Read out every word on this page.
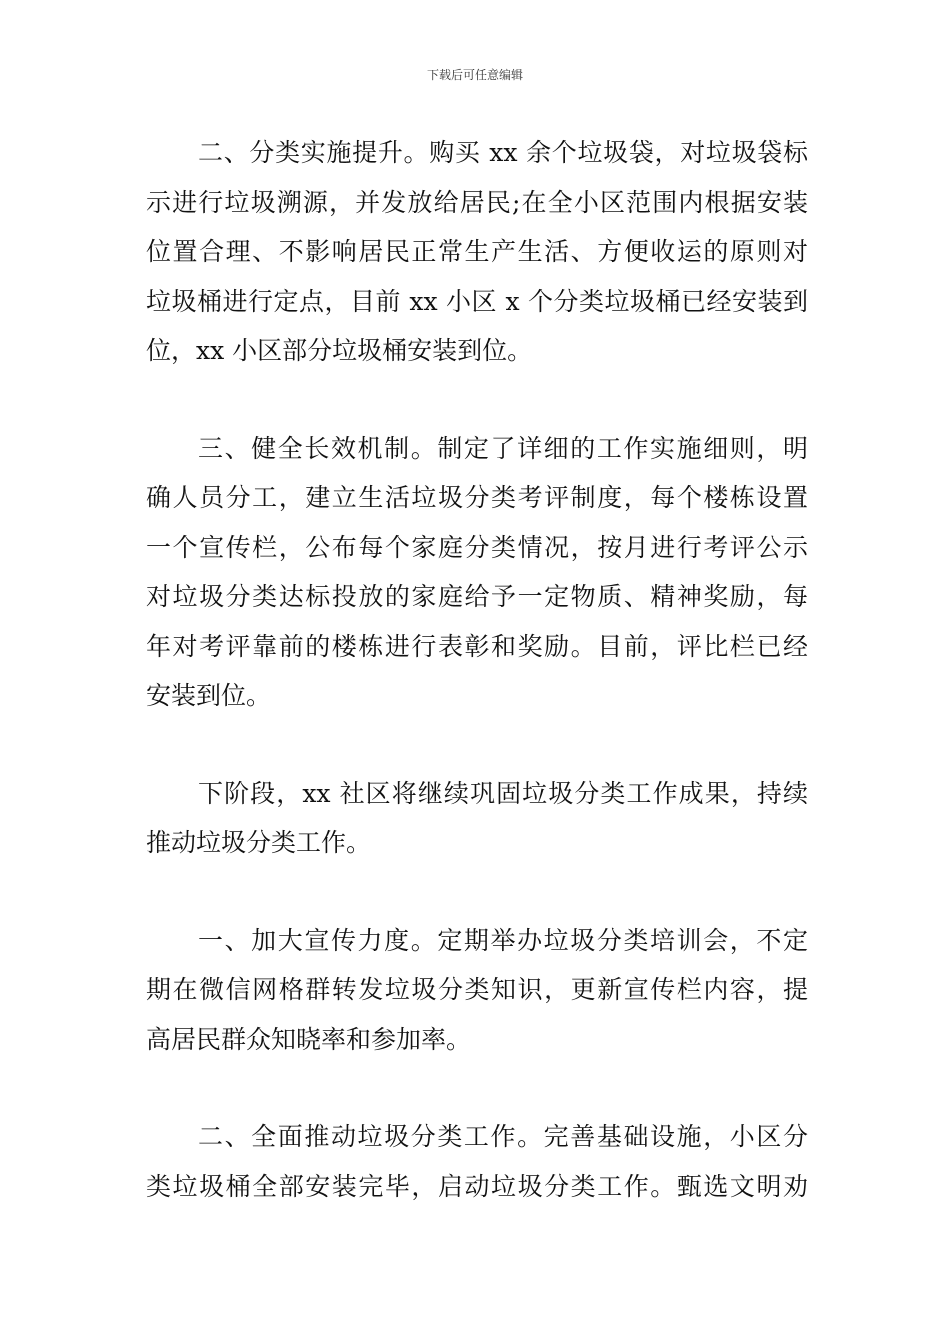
下载后可任意编辑
二、分类实施提升。购买 xx 余个垃圾袋，对垃圾袋标
示进行垃圾溯源，并发放给居民;在全小区范围内根据安装
位置合理、不影响居民正常生产生活、方便收运的原则对
垃圾桶进行定点，目前 xx 小区 x 个分类垃圾桶已经安装到
位，xx 小区部分垃圾桶安装到位。
三、健全长效机制。制定了详细的工作实施细则，明
确人员分工，建立生活垃圾分类考评制度，每个楼栋设置
一个宣传栏，公布每个家庭分类情况，按月进行考评公示
对垃圾分类达标投放的家庭给予一定物质、精神奖励，每
年对考评靠前的楼栋进行表彰和奖励。目前，评比栏已经
安装到位。
下阶段，xx 社区将继续巩固垃圾分类工作成果，持续
推动垃圾分类工作。
一、加大宣传力度。定期举办垃圾分类培训会，不定
期在微信网格群转发垃圾分类知识，更新宣传栏内容，提
高居民群众知晓率和参加率。
二、全面推动垃圾分类工作。完善基础设施，小区分
类垃圾桶全部安装完毕，启动垃圾分类工作。甄选文明劝
